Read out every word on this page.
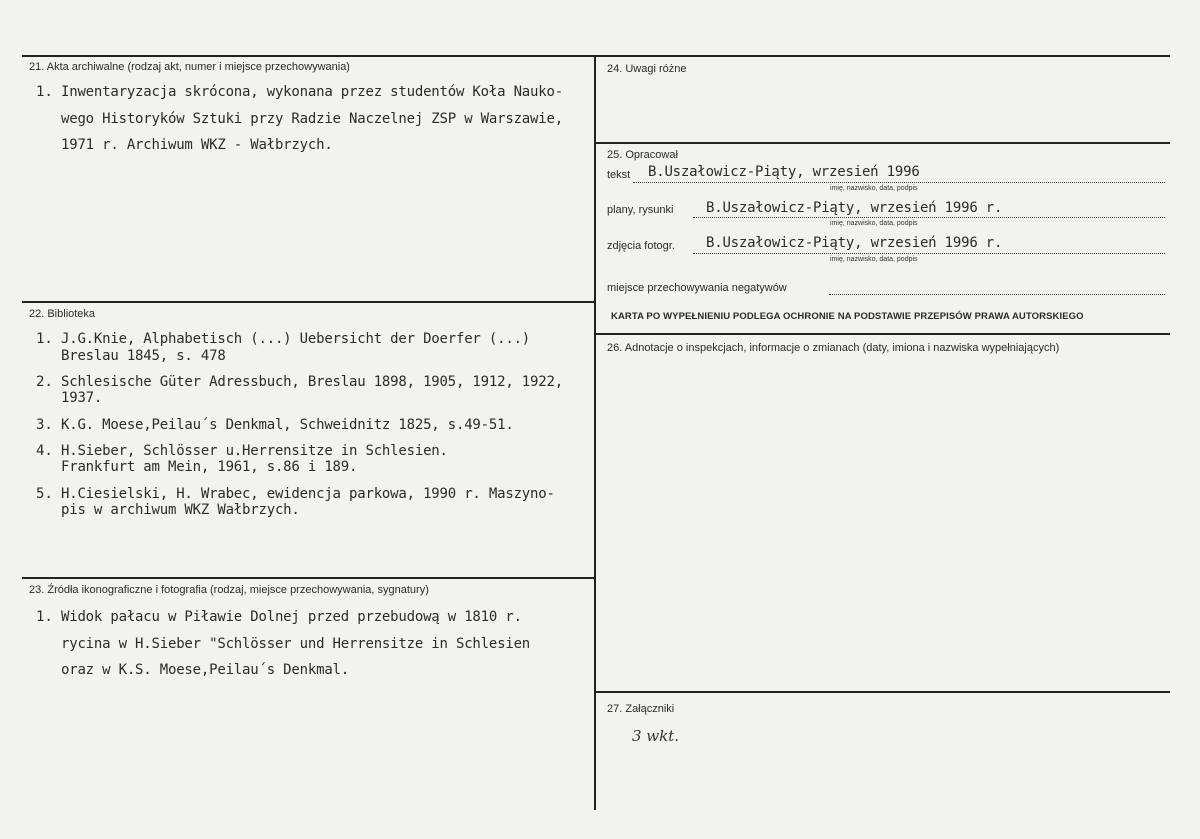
21. Akta archiwalne (rodzaj akt, numer i miejsce przechowywania)
1. Inwentaryzacja skrócona, wykonana przez studentów Koła Nauko-
wego Historyków Sztuki przy Radzie Naczelnej ZSP w Warszawie,
1971 r. Archiwum WKZ - Wałbrzych.
22. Biblioteka
1. J.G.Knie, Alphabetisch (...) Uebersicht der Doerfer (...)
Breslau 1845, s. 478
2. Schlesische Güter Adressbuch, Breslau 1898, 1905, 1912, 1922,
1937.
3. K.G. Moese,Peilau´s Denkmal, Schweidnitz 1825, s.49-51.
4. H.Sieber, Schlösser u.Herrensitze in Schlesien.
Frankfurt am Mein, 1961, s.86 i 189.
5. H.Ciesielski, H. Wrabec, ewidencja parkowa, 1990 r. Maszyno-
pis w archiwum WKZ Wałbrzych.
23. Źródła ikonograficzne i fotografia (rodzaj, miejsce przechowywania, sygnatury)
1. Widok pałacu w Piławie Dolnej przed przebudową w 1810 r.
rycina w H.Sieber "Schlösser und Herrensitze in Schlesien
oraz w K.S. Moese,Peilau´s Denkmal.
24. Uwagi różne
25. Opracował
tekst B.Uszałowicz-Piąty, wrzesień 1996
imię, nazwisko, data, podpis
plany, rysunki B.Uszałowicz-Piąty, wrzesień 1996 r.
imię, nazwisko, data, podpis
zdjęcia fotogr. B.Uszałowicz-Piąty, wrzesień 1996 r.
imię, nazwisko, data, podpis
miejsce przechowywania negatywów
KARTA PO WYPEŁNIENIU PODLEGA OCHRONIE NA PODSTAWIE PRZEPISÓW PRAWA AUTORSKIEGO
26. Adnotacje o inspekcjach, informacje o zmianach (daty, imiona i nazwiska wypełniających)
27. Załączniki
3 wkt.
